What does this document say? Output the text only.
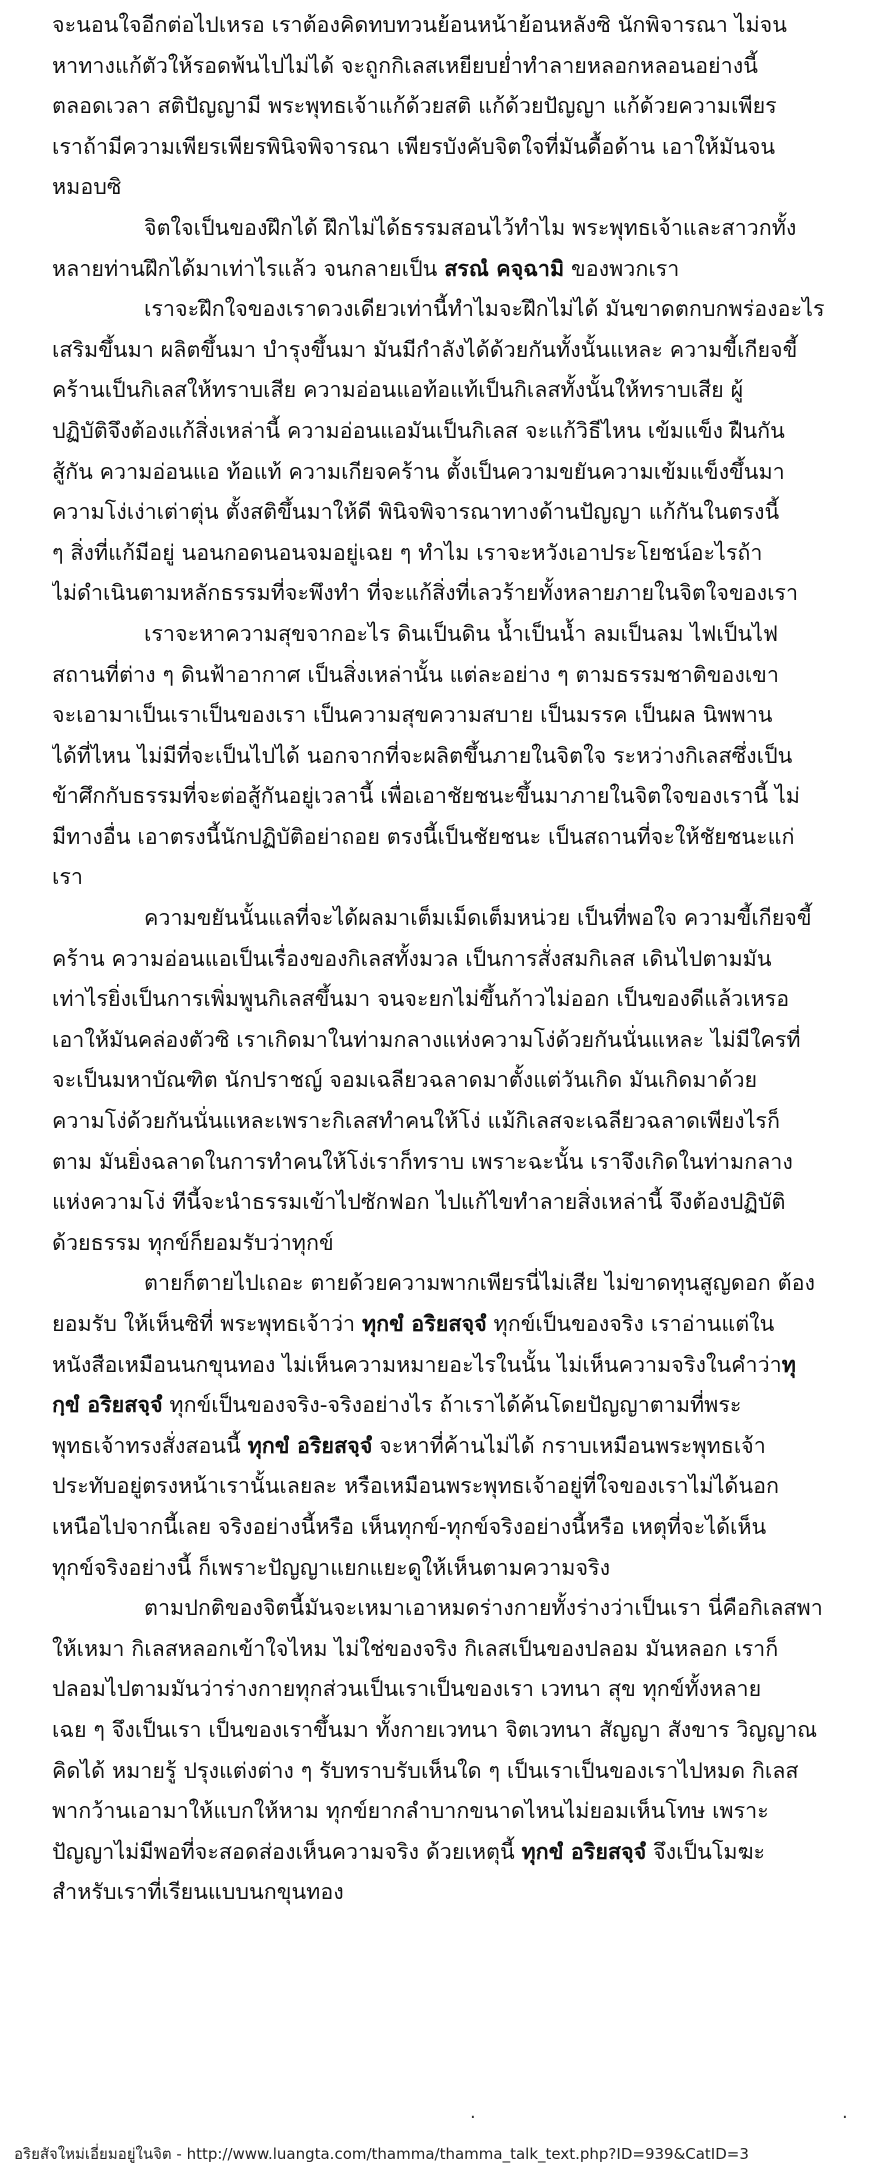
จะนอนใจอีกต่อไปเหรอ เราต้องคิดทบทวนย้อนหน้าย้อนหลังซิ นักพิจารณา ไม่จน
หาทางแก้ตัวให้รอดพ้นไปไม่ได้ จะถูกกิเลสเหยียบย่ำทำลายหลอกหลอนอย่างนี้
ตลอดเวลา สติปัญญามี พระพุทธเจ้าแก้ด้วยสติ แก้ด้วยปัญญา แก้ด้วยความเพียร
เราถ้ามีความเพียรเพียรพินิจพิจารณา เพียรบังคับจิตใจที่มันดื้อด้าน เอาให้มันจน
หมอบซิ
จิตใจเป็นของฝึกได้ ฝึกไม่ได้ธรรมสอนไว้ทำไม พระพุทธเจ้าและสาวกทั้ง
หลายท่านฝึกได้มาเท่าไรแล้ว จนกลายเป็น สรณํ คจฺฉามิ ของพวกเรา
เราจะฝึกใจของเราดวงเดียวเท่านี้ทำไมจะฝึกไม่ได้ มันขาดตกบกพร่องอะไร
เสริมขึ้นมา ผลิตขึ้นมา บำรุงขึ้นมา มันมีกำลังได้ด้วยกันทั้งนั้นแหละ ความขี้เกียจขี้
คร้านเป็นกิเลสให้ทราบเสีย ความอ่อนแอท้อแท้เป็นกิเลสทั้งนั้นให้ทราบเสีย ผู้
ปฏิบัติจึงต้องแก้สิ่งเหล่านี้ ความอ่อนแอมันเป็นกิเลส จะแก้วิธีไหน เข้มแข็ง ฝืนกัน
สู้กัน ความอ่อนแอ ท้อแท้ ความเกียจคร้าน ตั้งเป็นความขยันความเข้มแข็งขึ้นมา
ความโง่เง่าเต่าตุ่น ตั้งสติขึ้นมาให้ดี พินิจพิจารณาทางด้านปัญญา แก้กันในตรงนี้
ๆ สิ่งที่แก้มีอยู่ นอนกอดนอนจมอยู่เฉย ๆ ทำไม เราจะหวังเอาประโยชน์อะไรถ้า
ไม่ดำเนินตามหลักธรรมที่จะพึงทำ ที่จะแก้สิ่งที่เลวร้ายทั้งหลายภายในจิตใจของเรา
เราจะหาความสุขจากอะไร ดินเป็นดิน น้ำเป็นน้ำ ลมเป็นลม ไฟเป็นไฟ
สถานที่ต่าง ๆ ดินฟ้าอากาศ เป็นสิ่งเหล่านั้น แต่ละอย่าง ๆ ตามธรรมชาติของเขา
จะเอามาเป็นเราเป็นของเรา เป็นความสุขความสบาย เป็นมรรค เป็นผล นิพพาน
ได้ที่ไหน ไม่มีที่จะเป็นไปได้ นอกจากที่จะผลิตขึ้นภายในจิตใจ ระหว่างกิเลสซึ่งเป็น
ข้าศึกกับธรรมที่จะต่อสู้กันอยู่เวลานี้ เพื่อเอาชัยชนะขึ้นมาภายในจิตใจของเรานี้ ไม่
มีทางอื่น เอาตรงนี้นักปฏิบัติอย่าถอย ตรงนี้เป็นชัยชนะ เป็นสถานที่จะให้ชัยชนะแก่
เรา
ความขยันนั้นแลที่จะได้ผลมาเต็มเม็ดเต็มหน่วย เป็นที่พอใจ ความขี้เกียจขี้
คร้าน ความอ่อนแอเป็นเรื่องของกิเลสทั้งมวล เป็นการสั่งสมกิเลส เดินไปตามมัน
เท่าไรยิ่งเป็นการเพิ่มพูนกิเลสขึ้นมา จนจะยกไม่ขึ้นก้าวไม่ออก เป็นของดีแล้วเหรอ
เอาให้มันคล่องตัวซิ เราเกิดมาในท่ามกลางแห่งความโง่ด้วยกันนั่นแหละ ไม่มีใครที่
จะเป็นมหาบัณฑิต นักปราชญ์ จอมเฉลียวฉลาดมาตั้งแต่วันเกิด มันเกิดมาด้วย
ความโง่ด้วยกันนั่นแหละเพราะกิเลสทำคนให้โง่ แม้กิเลสจะเฉลียวฉลาดเพียงไรก็
ตาม มันยิ่งฉลาดในการทำคนให้โง่เราก็ทราบ เพราะฉะนั้น เราจึงเกิดในท่ามกลาง
แห่งความโง่ ทีนี้จะนำธรรมเข้าไปซักฟอก ไปแก้ไขทำลายสิ่งเหล่านี้ จึงต้องปฏิบัติ
ด้วยธรรม ทุกข์ก็ยอมรับว่าทุกข์
ตายก็ตายไปเถอะ ตายด้วยความพากเพียรนี่ไม่เสีย ไม่ขาดทุนสูญดอก ต้อง
ยอมรับ ให้เห็นซิที่ พระพุทธเจ้าว่า ทุกขํ อริยสจฺจํ ทุกข์เป็นของจริง เราอ่านแต่ใน
หนังสือเหมือนนกขุนทอง ไม่เห็นความหมายอะไรในนั้น ไม่เห็นความจริงในคำว่าทุ
กฺขํ อริยสจฺจํ ทุกข์เป็นของจริง-จริงอย่างไร ถ้าเราได้ค้นโดยปัญญาตามที่พระ
พุทธเจ้าทรงสั่งสอนนี้ ทุกขํ อริยสจฺจํ จะหาที่ค้านไม่ได้ กราบเหมือนพระพุทธเจ้า
ประทับอยู่ตรงหน้าเรานั้นเลยละ หรือเหมือนพระพุทธเจ้าอยู่ที่ใจของเราไม่ได้นอก
เหนือไปจากนี้เลย จริงอย่างนี้หรือ เห็นทุกข์-ทุกข์จริงอย่างนี้หรือ เหตุที่จะได้เห็น
ทุกข์จริงอย่างนี้ ก็เพราะปัญญาแยกแยะดูให้เห็นตามความจริง
ตามปกติของจิตนี้มันจะเหมาเอาหมดร่างกายทั้งร่างว่าเป็นเรา นี่คือกิเลสพา
ให้เหมา กิเลสหลอกเข้าใจไหม ไม่ใช่ของจริง กิเลสเป็นของปลอม มันหลอก เราก็
ปลอมไปตามมันว่าร่างกายทุกส่วนเป็นเราเป็นของเรา เวทนา สุข ทุกข์ทั้งหลาย
เฉย ๆ จึงเป็นเรา เป็นของเราขึ้นมา ทั้งกายเวทนา จิตเวทนา สัญญา สังขาร วิญญาณ
คิดได้ หมายรู้ ปรุงแต่งต่าง ๆ รับทราบรับเห็นใด ๆ เป็นเราเป็นของเราไปหมด กิเลส
พากว้านเอามาให้แบกให้หาม ทุกข์ยากลำบากขนาดไหนไม่ยอมเห็นโทษ เพราะ
ปัญญาไม่มีพอที่จะสอดส่องเห็นความจริง ด้วยเหตุนี้ ทุกขํ อริยสจฺจํ จึงเป็นโมฆะ
สำหรับเราที่เรียนแบบนกขุนทอง
.	.
อริยสัจใหม่เอี่ยมอยู่ในจิต - http://www.luangta.com/thamma/thamma_talk_text.php?ID=939&CatID=3
